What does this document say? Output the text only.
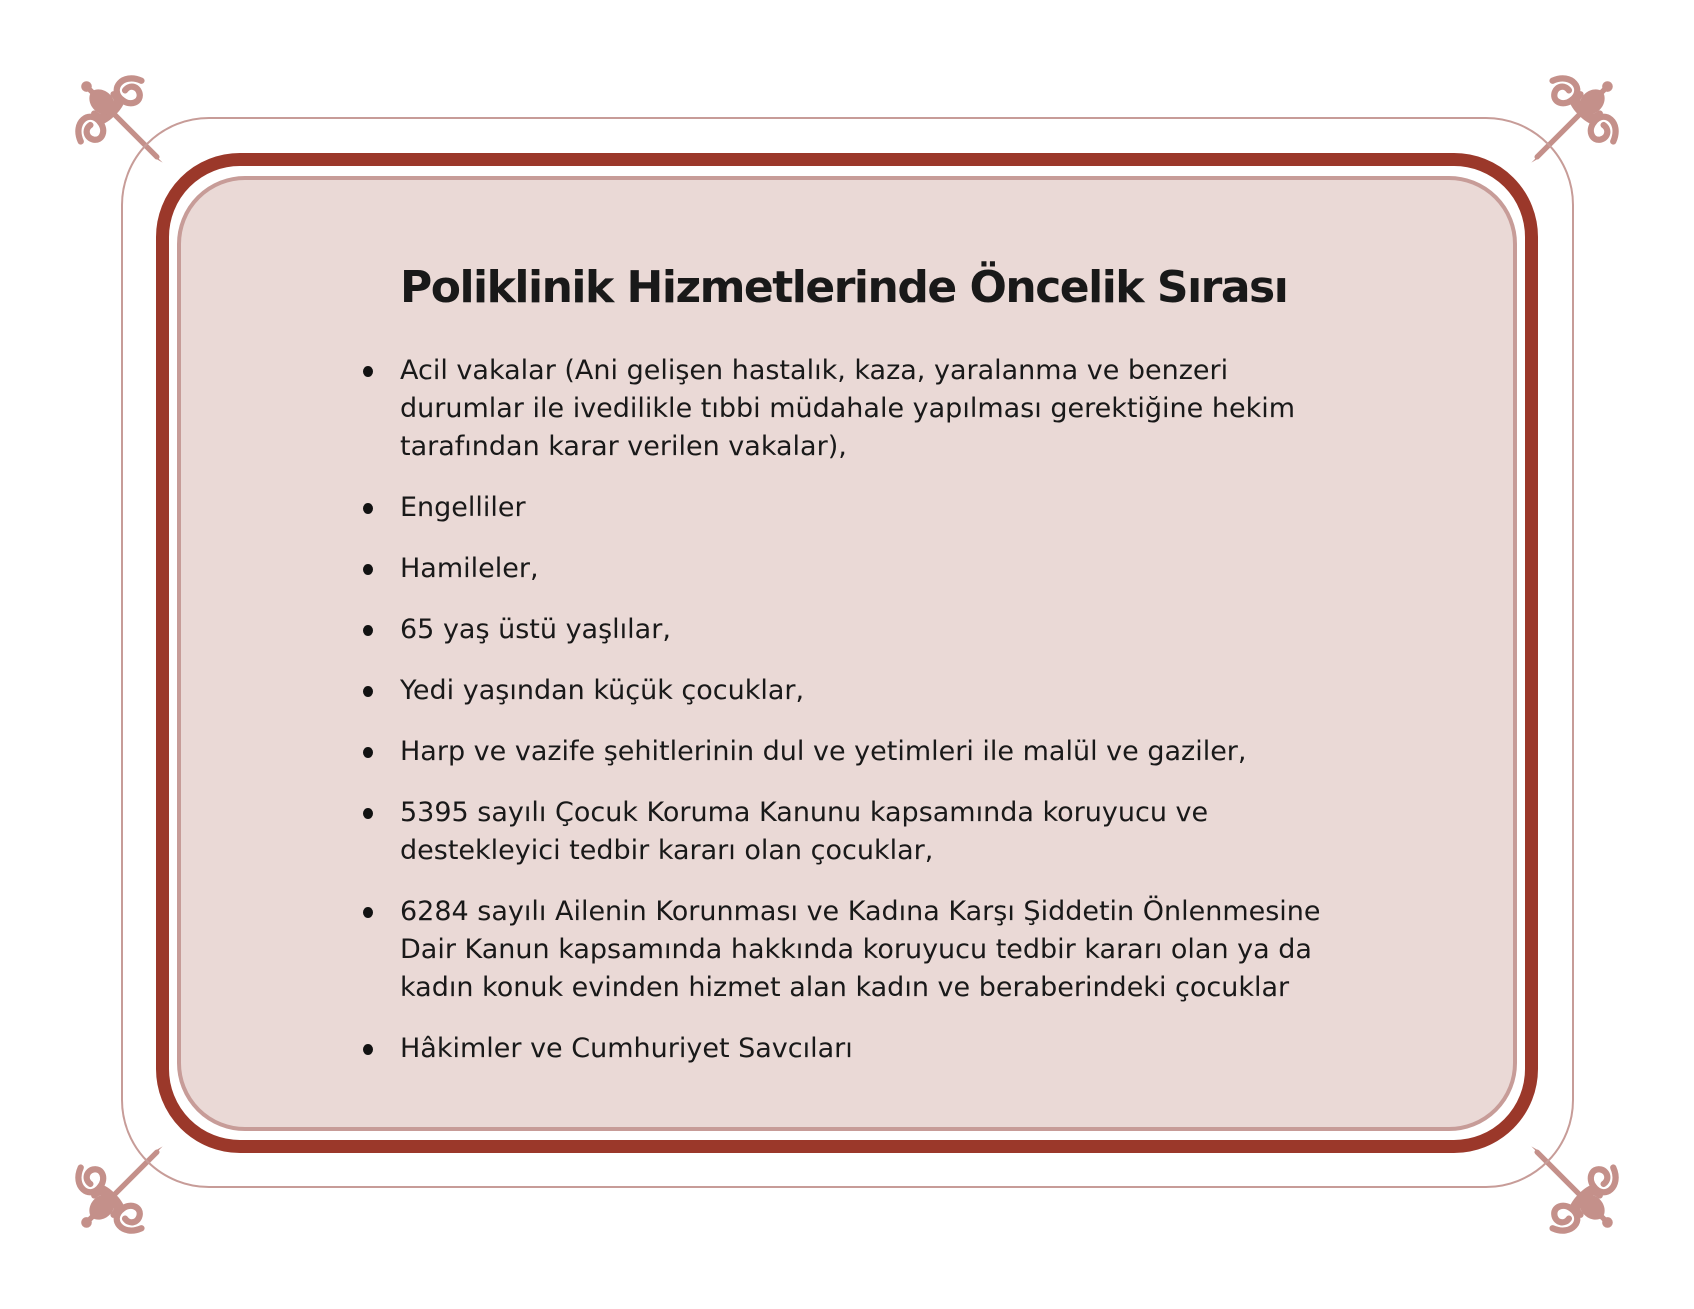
Poliklinik Hizmetlerinde Öncelik Sırası
Acil vakalar (Ani gelişen hastalık, kaza, yaralanma ve benzeri
durumlar ile ivedilikle tıbbi müdahale yapılması gerektiğine hekim
tarafından karar verilen vakalar),
Engelliler
Hamileler,
65 yaş üstü yaşlılar,
Yedi yaşından küçük çocuklar,
Harp ve vazife şehitlerinin dul ve yetimleri ile malül ve gaziler,
5395 sayılı Çocuk Koruma Kanunu kapsamında koruyucu ve
destekleyici tedbir kararı olan çocuklar,
6284 sayılı Ailenin Korunması ve Kadına Karşı Şiddetin Önlenmesine
Dair Kanun kapsamında hakkında koruyucu tedbir kararı olan ya da
kadın konuk evinden hizmet alan kadın ve beraberindeki çocuklar
Hâkimler ve Cumhuriyet Savcıları
